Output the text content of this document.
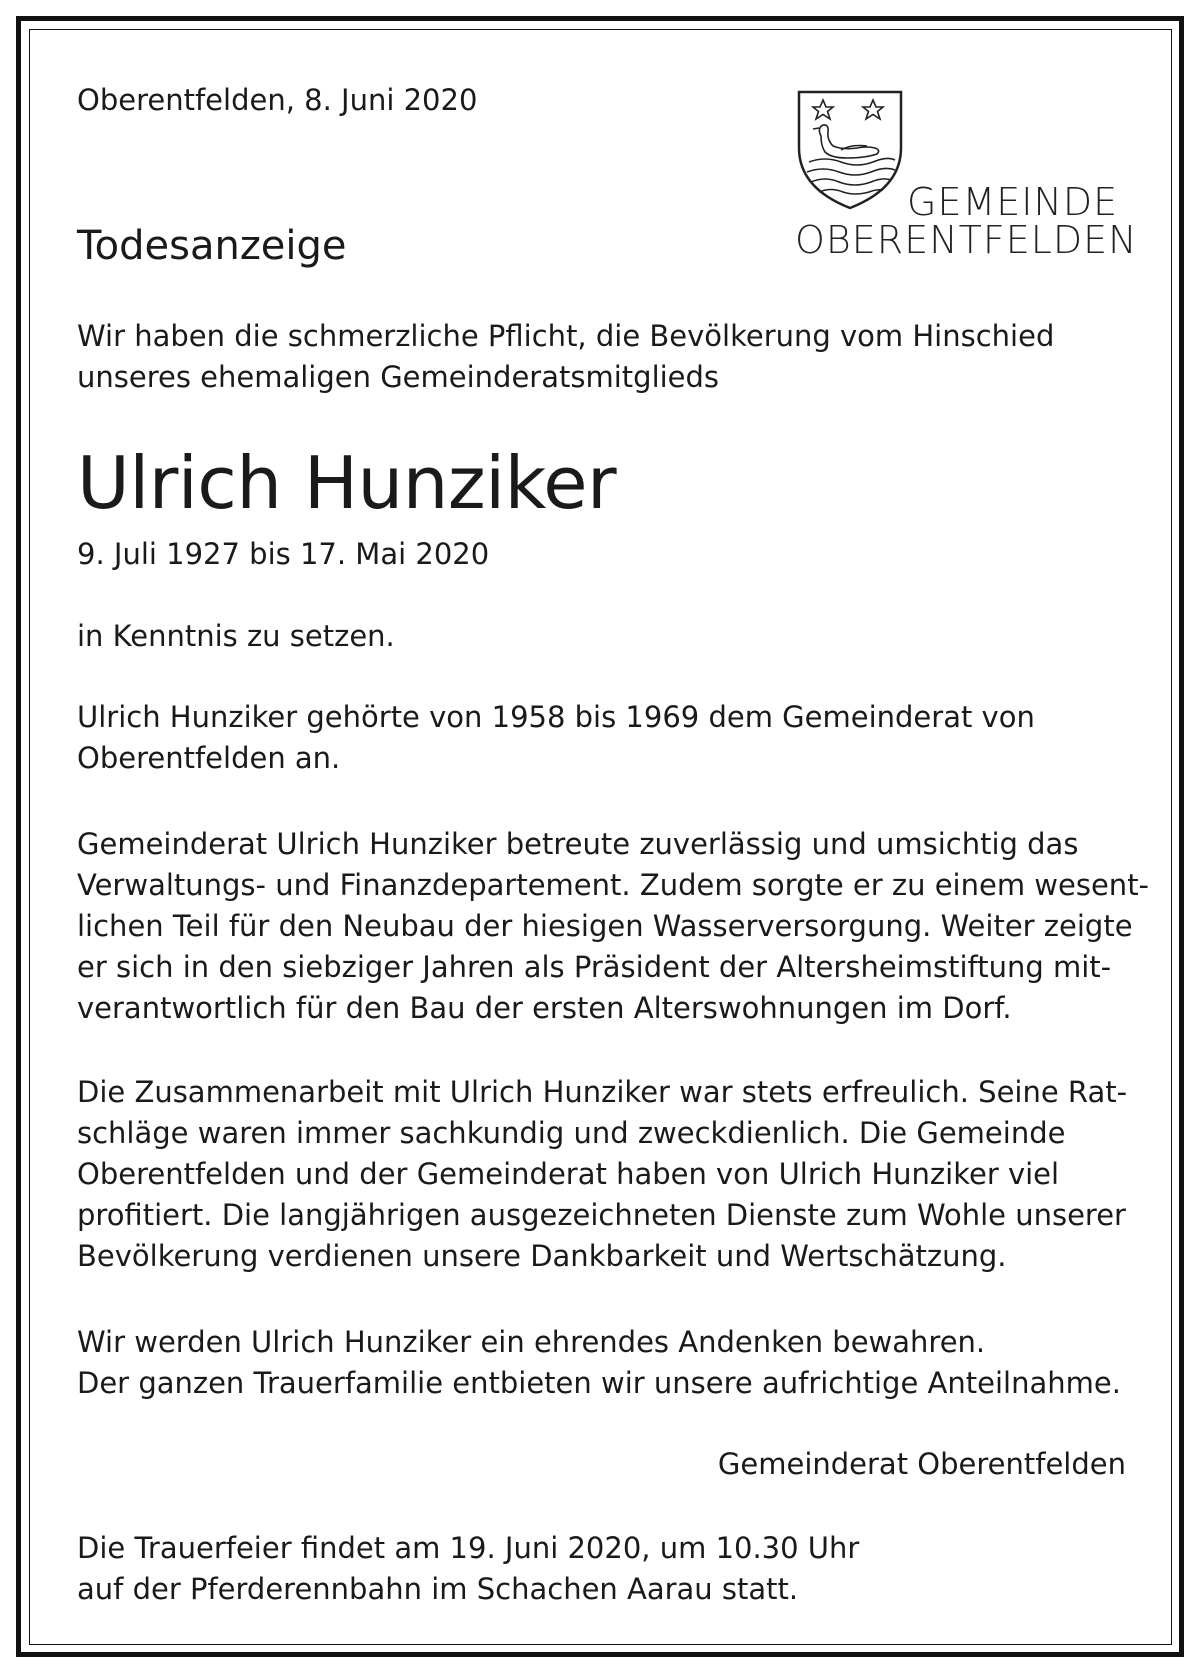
Oberentfelden, 8. Juni 2020
GEMEINDE
OBERENTFELDEN
Todesanzeige

Wir haben die schmerzliche Pflicht, die Bevölkerung vom Hinschied

unseres ehemaligen Gemeinderatsmitglieds

Ulrich Hunziker
9. Juli 1927 bis 17. Mai 2020

in Kenntnis zu setzen.

Ulrich Hunziker gehörte von 1958 bis 1969 dem Gemeinderat von

Oberentfelden an.

Gemeinderat Ulrich Hunziker betreute zuverlässig und umsichtig das

Verwaltungs- und Finanzdepartement. Zudem sorgte er zu einem wesent-

lichen Teil für den Neubau der hiesigen Wasserversorgung. Weiter zeigte

er sich in den siebziger Jahren als Präsident der Altersheimstiftung mit-

verantwortlich für den Bau der ersten Alterswohnungen im Dorf.

Die Zusammenarbeit mit Ulrich Hunziker war stets erfreulich. Seine Rat-

schläge waren immer sachkundig und zweckdienlich. Die Gemeinde

Oberentfelden und der Gemeinderat haben von Ulrich Hunziker viel

profitiert. Die langjährigen ausgezeichneten Dienste zum Wohle unserer

Bevölkerung verdienen unsere Dankbarkeit und Wertschätzung.

Wir werden Ulrich Hunziker ein ehrendes Andenken bewahren.

Der ganzen Trauerfamilie entbieten wir unsere aufrichtige Anteilnahme.

Gemeinderat Oberentfelden

Die Trauerfeier findet am 19. Juni 2020, um 10.30 Uhr

auf der Pferderennbahn im Schachen Aarau statt.
